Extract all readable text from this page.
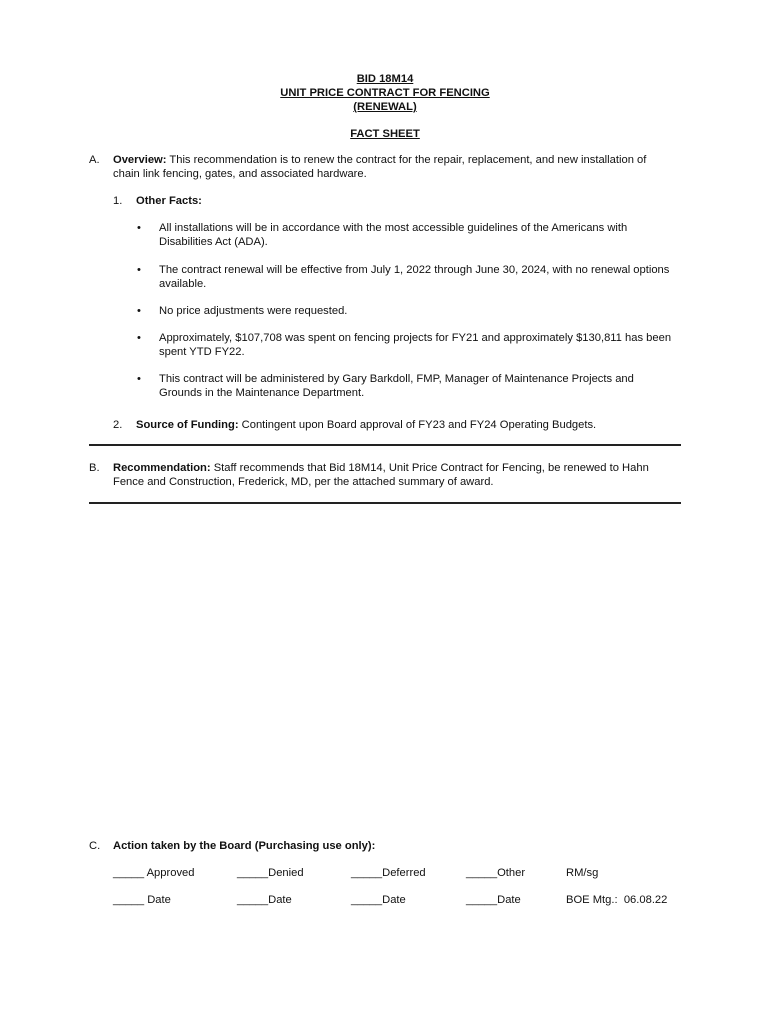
BID 18M14
UNIT PRICE CONTRACT FOR FENCING
(RENEWAL)
FACT SHEET
A. Overview: This recommendation is to renew the contract for the repair, replacement, and new installation of
chain link fencing, gates, and associated hardware.
1. Other Facts:
• All installations will be in accordance with the most accessible guidelines of the Americans with
Disabilities Act (ADA).
• The contract renewal will be effective from July 1, 2022 through June 30, 2024, with no renewal options
available.
• No price adjustments were requested.
• Approximately, $107,708 was spent on fencing projects for FY21 and approximately $130,811 has been
spent YTD FY22.
• This contract will be administered by Gary Barkdoll, FMP, Manager of Maintenance Projects and
Grounds in the Maintenance Department.
2. Source of Funding: Contingent upon Board approval of FY23 and FY24 Operating Budgets.
B. Recommendation: Staff recommends that Bid 18M14, Unit Price Contract for Fencing, be renewed to Hahn
Fence and Construction, Frederick, MD, per the attached summary of award.
C. Action taken by the Board (Purchasing use only):
_____ Approved	_____Denied	_____Deferred	_____Other	RM/sg
_____ Date	_____Date	_____Date	_____Date	BOE Mtg.:  06.08.22
